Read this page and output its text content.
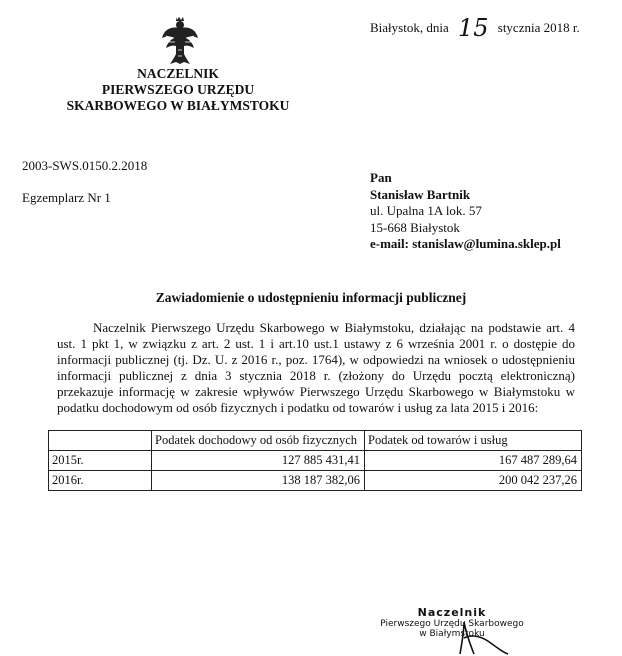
Białystok, dnia 15 stycznia 2018 r.
NACZELNIK
PIERWSZEGO URZĘDU
SKARBOWEGO W BIAŁYMSTOKU
2003-SWS.0150.2.2018
Egzemplarz Nr 1
Pan
Stanisław Bartnik
ul. Upalna 1A lok. 57
15-668 Białystok
e-mail: stanislaw@lumina.sklep.pl
Zawiadomienie o udostępnieniu informacji publicznej
Naczelnik Pierwszego Urzędu Skarbowego w Białymstoku, działając na podstawie art. 4 ust. 1 pkt 1, w związku z art. 2 ust. 1 i art.10 ust.1 ustawy z 6 września 2001 r. o dostępie do informacji publicznej (tj. Dz. U. z 2016 r., poz. 1764), w odpowiedzi na wniosek o udostępnieniu informacji publicznej z dnia 3 stycznia 2018 r. (złożony do Urzędu pocztą elektroniczną) przekazuje informację w zakresie wpływów Pierwszego Urzędu Skarbowego w Białymstoku w podatku dochodowym od osób fizycznych i podatku od towarów i usług za lata 2015 i 2016:
	Podatek dochodowy od osób fizycznych	Podatek od towarów i usług
2015r.	127 885 431,41	167 487 289,64
2016r.	138 187 382,06	200 042 237,26
Naczelnik
Pierwszego Urzędu Skarbowego
w Białymstoku
